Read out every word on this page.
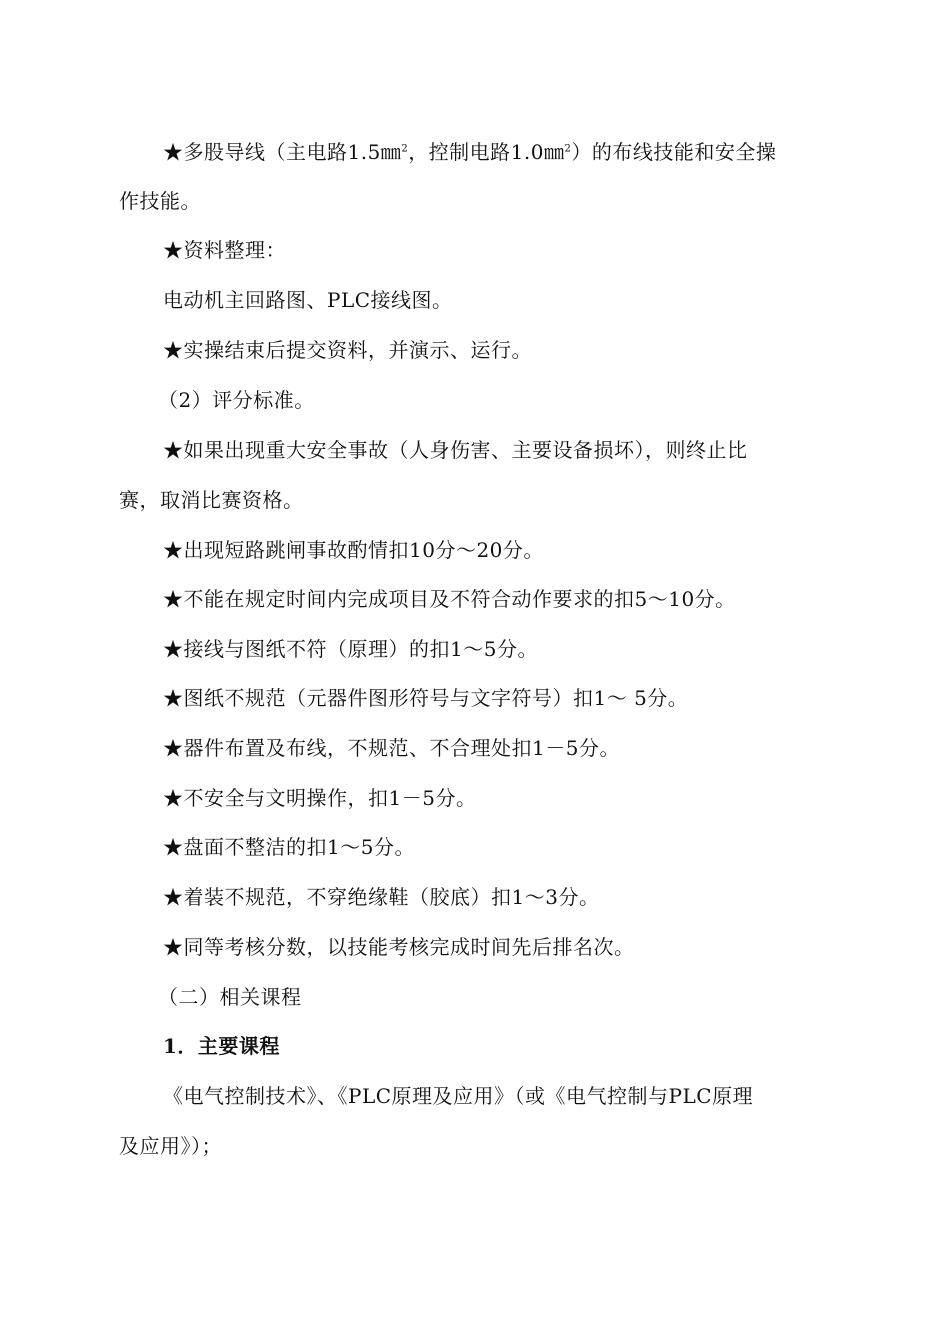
★多股导线（主电路1.5㎜$^2$，控制电路1.0㎜$^2$）的布线技能和安全操
作技能。
★资料整理：
电动机主回路图、PLC接线图。
★实操结束后提交资料，并演示、运行。
（2）评分标准。
★如果出现重大安全事故（人身伤害、主要设备损坏），则终止比
赛，取消比赛资格。
★出现短路跳闸事故酌情扣10分～20分。
★不能在规定时间内完成项目及不符合动作要求的扣5～10分。
★接线与图纸不符（原理）的扣1～5分。
★图纸不规范（元器件图形符号与文字符号）扣1～ 5分。
★器件布置及布线，不规范、不合理处扣1－5分。
★不安全与文明操作，扣1－5分。
★盘面不整洁的扣1～5分。
★着装不规范，不穿绝缘鞋（胶底）扣1～3分。
★同等考核分数，以技能考核完成时间先后排名次。
（二）相关课程
1．主要课程
《电气控制技术》、《PLC原理及应用》（或《电气控制与PLC原理
及应用》）；
